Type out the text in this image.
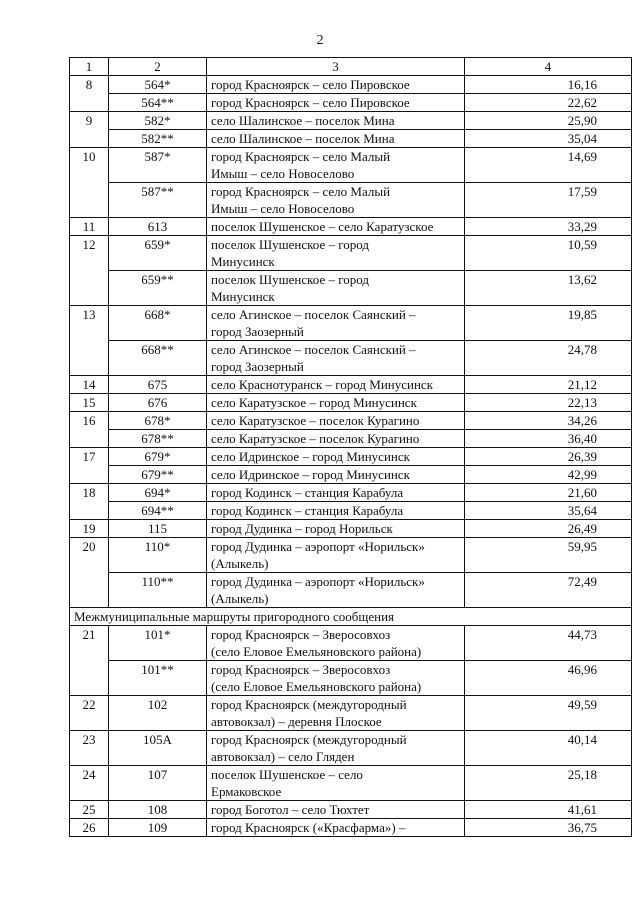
2
1	2	3	4
8	564*	город Красноярск – село Пировское	16,16
	564**	город Красноярск – село Пировское	22,62
9	582*	село Шалинское – поселок Мина	25,90
	582**	село Шалинское – поселок Мина	35,04
10	587*	город Красноярск – село Малый
Имыш – село Новоселово	14,69
	587**	город Красноярск – село Малый
Имыш – село Новоселово	17,59
11	613	поселок Шушенское – село Каратузское	33,29
12	659*	поселок Шушенское – город
Минусинск	10,59
	659**	поселок Шушенское – город
Минусинск	13,62
13	668*	село Агинское – поселок Саянский –
город Заозерный	19,85
	668**	село Агинское – поселок Саянский –
город Заозерный	24,78
14	675	село Краснотуранск – город Минусинск	21,12
15	676	село Каратузское – город Минусинск	22,13
16	678*	село Каратузское – поселок Курагино	34,26
	678**	село Каратузское – поселок Курагино	36,40
17	679*	село Идринское – город Минусинск	26,39
	679**	село Идринское – город Минусинск	42,99
18	694*	город Кодинск – станция Карабула	21,60
	694**	город Кодинск – станция Карабула	35,64
19	115	город Дудинка – город Норильск	26,49
20	110*	город Дудинка – аэропорт «Норильск»
(Алыкель)	59,95
	110**	город Дудинка – аэропорт «Норильск»
(Алыкель)	72,49
Межмуниципальные маршруты пригородного сообщения			
21	101*	город Красноярск – Зверосовхоз
(село Еловое Емельяновского района)	44,73
	101**	город Красноярск – Зверосовхоз
(село Еловое Емельяновского района)	46,96
22	102	город Красноярск (междугородный
автовокзал) – деревня Плоское	49,59
23	105А	город Красноярск (междугородный
автовокзал) – село Гляден	40,14
24	107	поселок Шушенское – село
Ермаковское	25,18
25	108	город Боготол – село Тюхтет	41,61
26	109	город Красноярск («Красфарма») –	36,75
